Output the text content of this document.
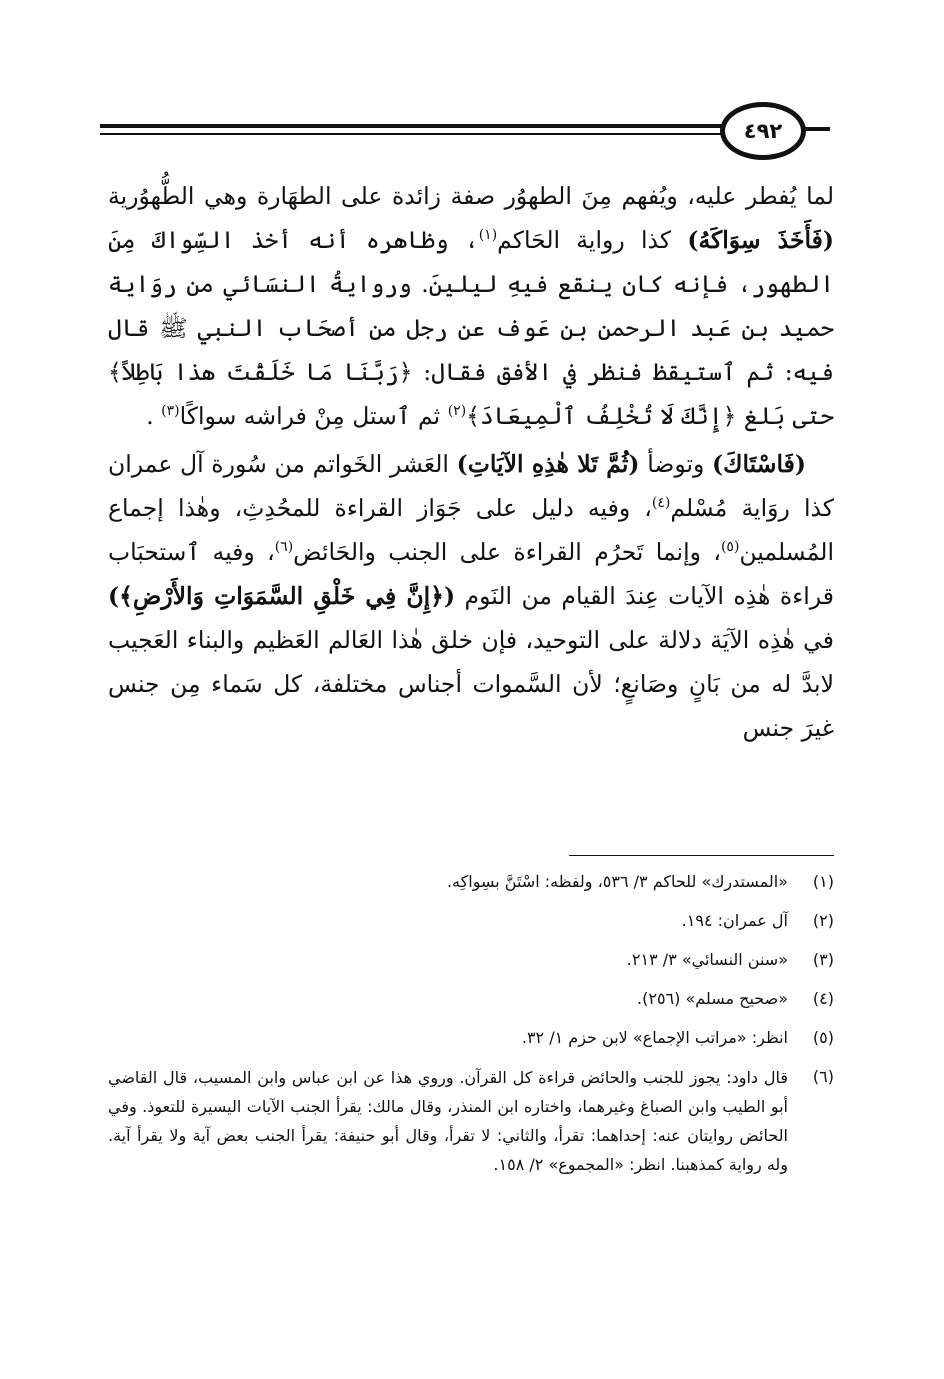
٤٩٢

لما يُفطر عليه، ويُفهم مِنَ الطهوُر صفة زائدة على الطهَارة وهي الطُّهوُرية (فَأَخَذَ سِوَاكَهُ) كذا رواية الحَاكم$^{(١)}$، وظاهره أنه أخذ السِّواكَ مِنَ الطهور، فإنه كان ينقع فيهِ ليلينَ. وروايةُ النسَائي من روَاية حميد بن عَبد الرحمن بن عَوف عن رجل من أصحَاب النبي ﷺ قال فيه: ثم ٱستيقظ فنظر في الأفق فقال: ﴿رَبَّنَا مَا خَلَقْتَ هذا بَاطِلاً﴾ حتى بَلغ ﴿إِنَّكَ لَا تُخْلِفُ ٱلْمِيعَادَ﴾$^{(٢)}$ ثم ٱستل مِنْ فراشه سواكًا$^{(٣)}$ .

(فَاسْتَاكَ) وتوضأ (ثُمَّ تَلا هٰذِهِ الآيَاتِ) العَشر الخَواتم من سُورة آل عمران كذا روَاية مُسْلم$^{(٤)}$، وفيه دليل على جَوَاز القراءة للمحُدِثِ، وهٰذا إجماع المُسلمين$^{(٥)}$، وإنما تَحرُم القراءة على الجنب والحَائض$^{(٦)}$، وفيه ٱستحبَاب قراءة هٰذِه الآيات عِندَ القيام من النَوم (﴿إِنَّ فِي خَلْقِ السَّمَوَاتِ وَالأَرْضِ﴾) في هٰذِه الآيَة دلالة على التوحيد، فإن خلق هٰذا العَالم العَظيم والبناء العَجيب لابدَّ له من بَانٍ وصَانعٍ؛ لأن السَّموات أجناس مختلفة، كل سَماء مِن جنس غيرَ جنس

(١)
«المستدرك» للحاكم ٣/ ٥٣٦، ولفظه: اسْتَنَّ بسِواكِه.
(٢)
آل عمران: ١٩٤.
(٣)
«سنن النسائي» ٣/ ٢١٣.
(٤)
«صحيح مسلم» (٢٥٦).
(٥)
انظر: «مراتب الإجماع» لابن حزم ١/ ٣٢.
(٦)
قال داود: يجوز للجنب والحائض قراءة كل القرآن. وروي هذا عن ابن عباس وابن المسيب، قال القاضي أبو الطيب وابن الصباغ وغيرهما، واختاره ابن المنذر، وقال مالك: يقرأ الجنب الآيات اليسيرة للتعوذ. وفي الحائض روايتان عنه: إحداهما: تقرأ، والثاني: لا تقرأ، وقال أبو حنيفة: يقرأ الجنب بعض آية ولا يقرأ آية. وله رواية كمذهبنا. انظر: «المجموع» ٢/ ١٥٨.
